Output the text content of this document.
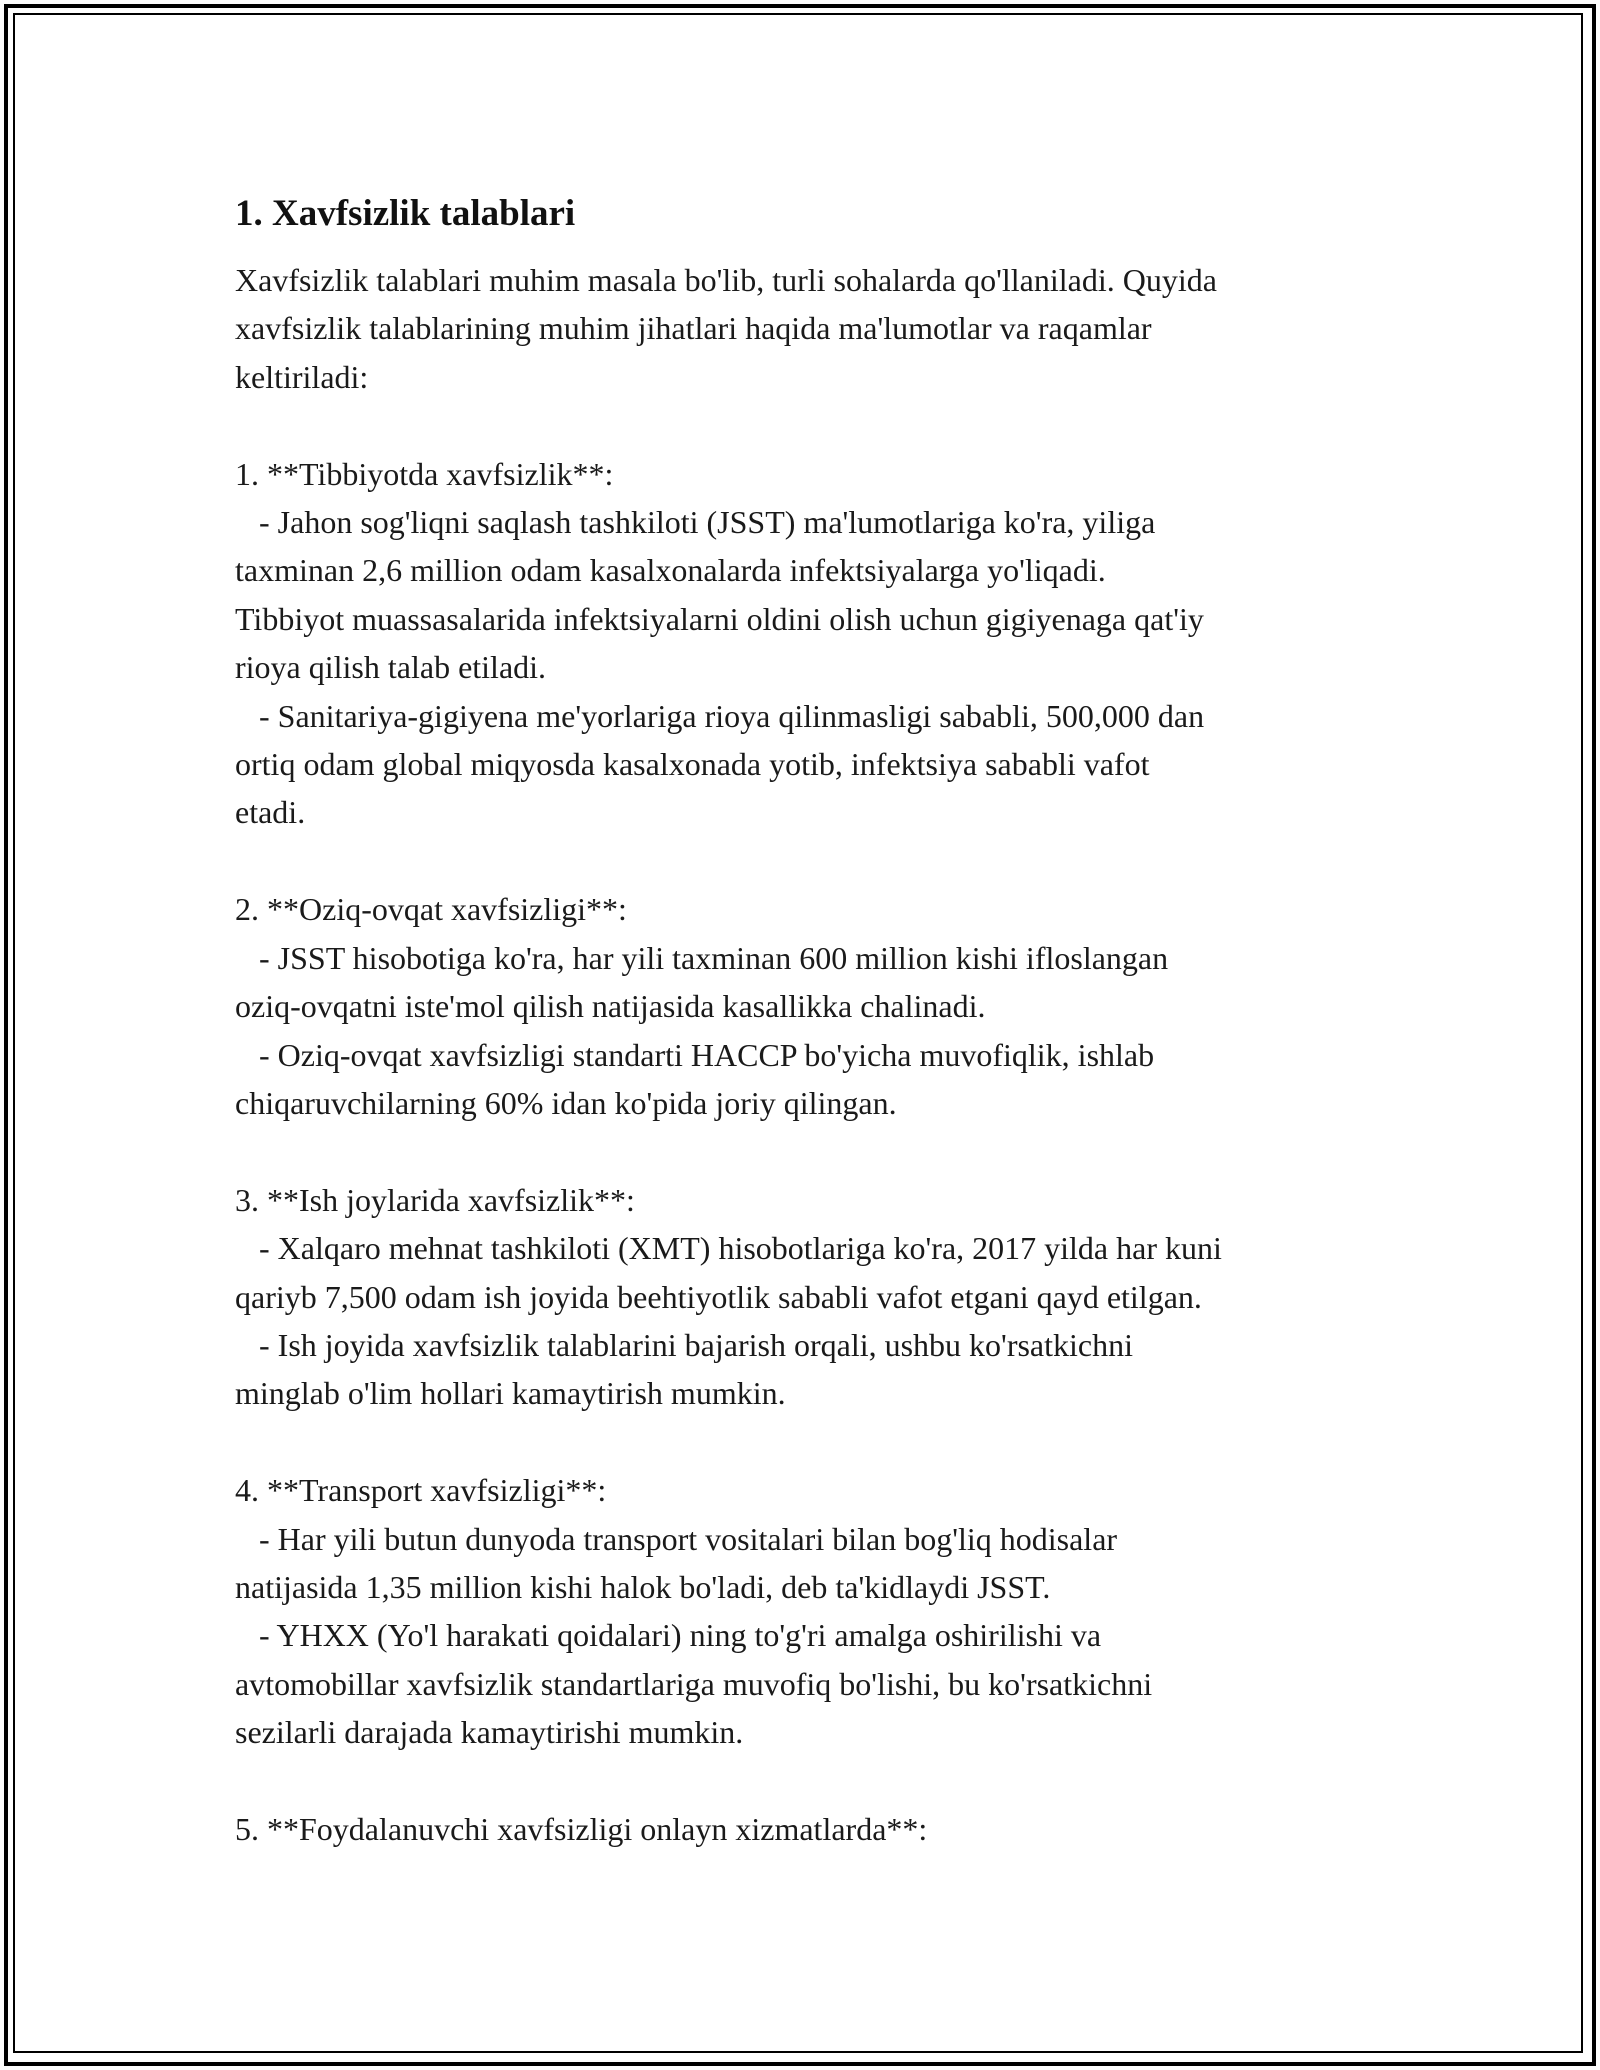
1. Xavfsizlik talablari

Xavfsizlik talablari muhim masala bo'lib, turli sohalarda qo'llaniladi. Quyida
xavfsizlik talablarining muhim jihatlari haqida ma'lumotlar va raqamlar
keltiriladi:

1. **Tibbiyotda xavfsizlik**:
- Jahon sog'liqni saqlash tashkiloti (JSST) ma'lumotlariga ko'ra, yiliga
taxminan 2,6 million odam kasalxonalarda infektsiyalarga yo'liqadi.
Tibbiyot muassasalarida infektsiyalarni oldini olish uchun gigiyenaga qat'iy
rioya qilish talab etiladi.
- Sanitariya-gigiyena me'yorlariga rioya qilinmasligi sababli, 500,000 dan
ortiq odam global miqyosda kasalxonada yotib, infektsiya sababli vafot
etadi.

2. **Oziq-ovqat xavfsizligi**:
- JSST hisobotiga ko'ra, har yili taxminan 600 million kishi ifloslangan
oziq-ovqatni iste'mol qilish natijasida kasallikka chalinadi.
- Oziq-ovqat xavfsizligi standarti HACCP bo'yicha muvofiqlik, ishlab
chiqaruvchilarning 60% idan ko'pida joriy qilingan.

3. **Ish joylarida xavfsizlik**:
- Xalqaro mehnat tashkiloti (XMT) hisobotlariga ko'ra, 2017 yilda har kuni
qariyb 7,500 odam ish joyida beehtiyotlik sababli vafot etgani qayd etilgan.
- Ish joyida xavfsizlik talablarini bajarish orqali, ushbu ko'rsatkichni
minglab o'lim hollari kamaytirish mumkin.

4. **Transport xavfsizligi**:
- Har yili butun dunyoda transport vositalari bilan bog'liq hodisalar
natijasida 1,35 million kishi halok bo'ladi, deb ta'kidlaydi JSST.
- YHXX (Yo'l harakati qoidalari) ning to'g'ri amalga oshirilishi va
avtomobillar xavfsizlik standartlariga muvofiq bo'lishi, bu ko'rsatkichni
sezilarli darajada kamaytirishi mumkin.

5. **Foydalanuvchi xavfsizligi onlayn xizmatlarda**:
